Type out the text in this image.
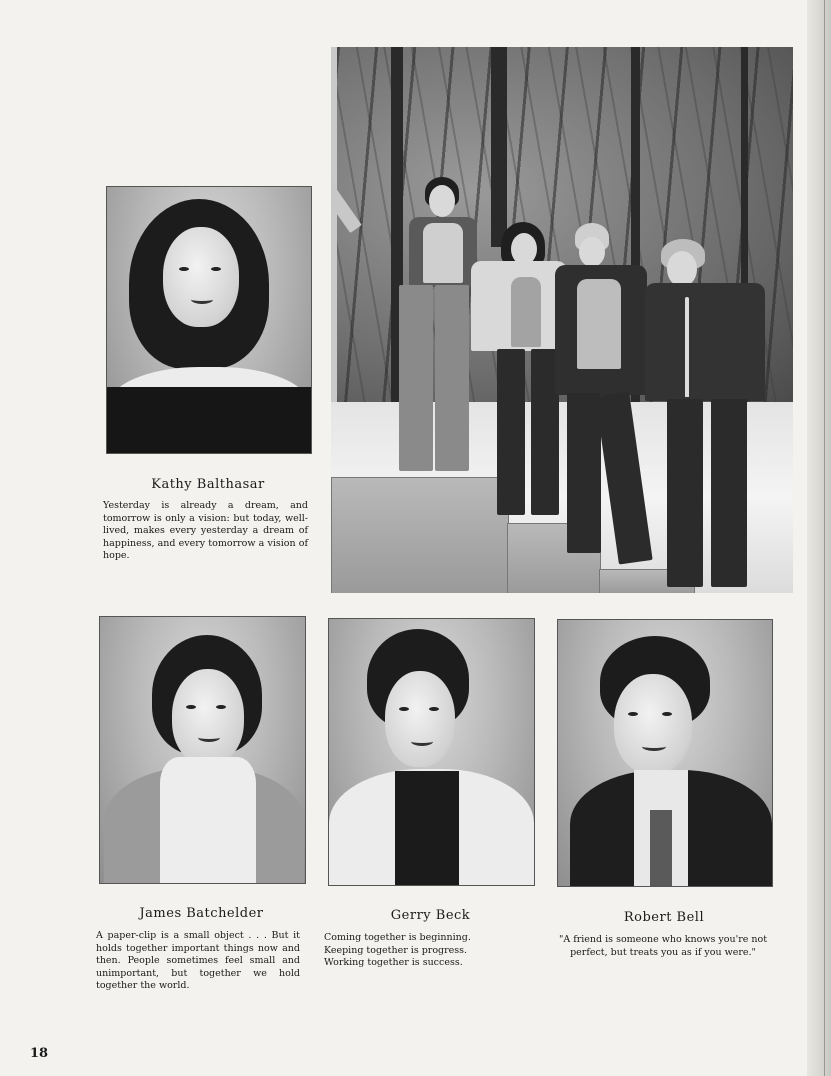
Kathy Balthasar
Yesterday is already a dream, and tomorrow is only a vision: but today, well-lived, makes every yesterday a dream of happiness, and every tomorrow a vision of hope.
James Batchelder
A paper-clip is a small object . . . But it holds together important things now and then. People sometimes feel small and unimportant, but together we hold together the world.
Gerry Beck
Coming together is beginning.
Keeping together is progress.
Working together is success.
Robert Bell
"A friend is someone who knows you're not perfect, but treats you as if you were."
18
